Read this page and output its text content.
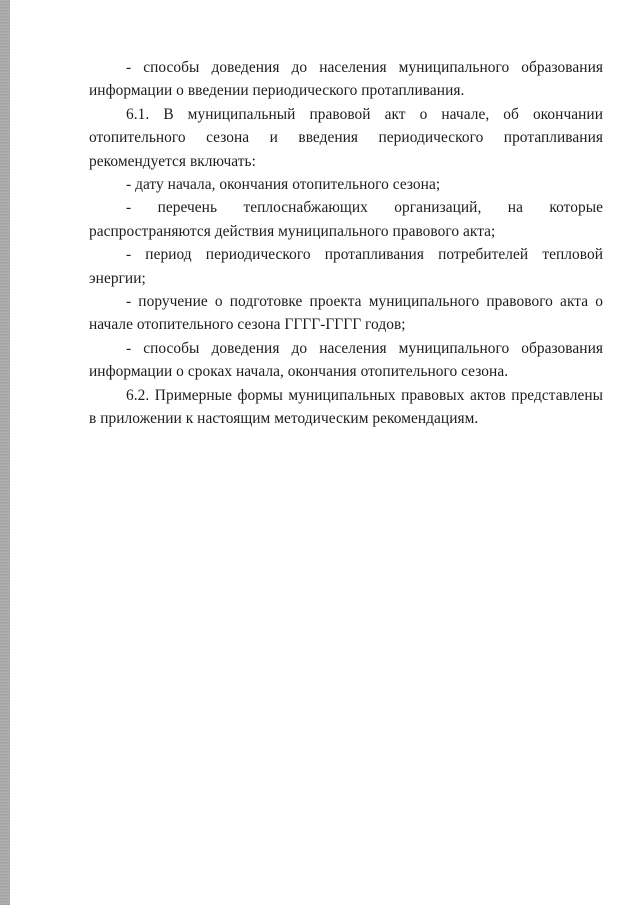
- способы доведения до населения муниципального образования информации о введении периодического протапливания.

6.1. В муниципальный правовой акт о начале, об окончании отопительного сезона и введения периодического протапливания рекомендуется включать:

- дату начала, окончания отопительного сезона;

- перечень теплоснабжающих организаций, на которые распространяются действия муниципального правового акта;

- период периодического протапливания потребителей тепловой энергии;

- поручение о подготовке проекта муниципального правового акта о начале отопительного сезона ГГГГ-ГГГГ годов;

- способы доведения до населения муниципального образования информации о сроках начала, окончания отопительного сезона.

6.2. Примерные формы муниципальных правовых актов представлены в приложении к настоящим методическим рекомендациям.
